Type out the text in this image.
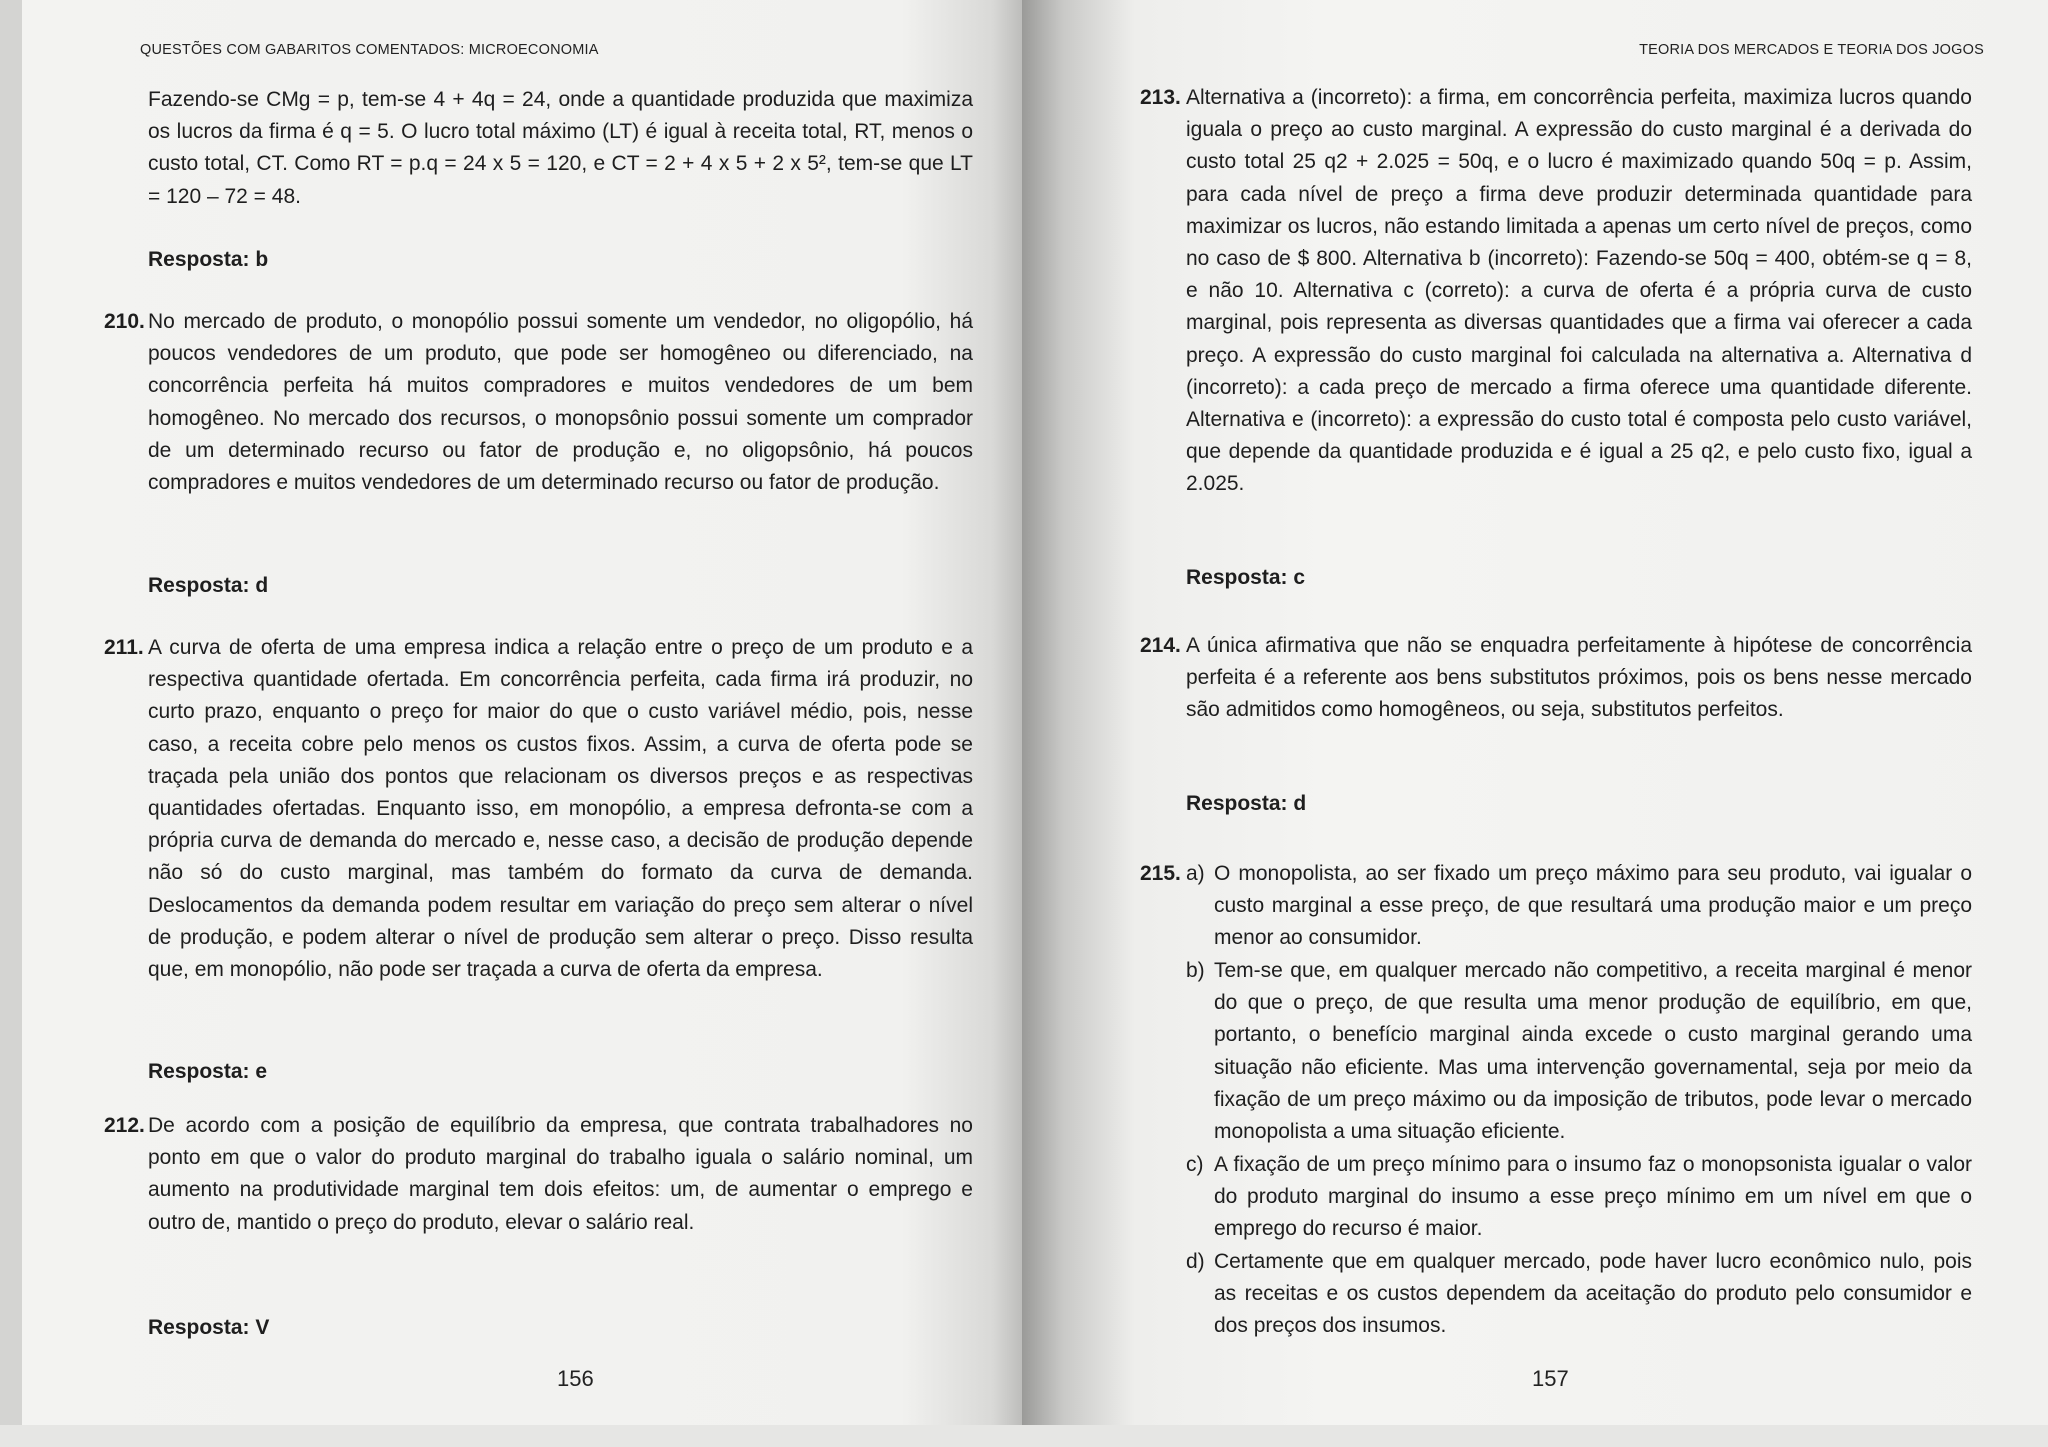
QUESTÕES COM GABARITOS COMENTADOS: MICROECONOMIA
Fazendo-se CMg = p, tem-se 4 + 4q = 24, onde a quantidade produzida que maximiza os lucros da firma é q = 5. O lucro total máximo (LT) é igual à receita total, RT, menos o custo total, CT. Como RT = p.q = 24 x 5 = 120, e CT = 2 + 4 x 5 + 2 x 5², tem-se que LT = 120 – 72 = 48.
Resposta: b
210. No mercado de produto, o monopólio possui somente um vendedor, no oligopólio, há poucos vendedores de um produto, que pode ser homogêneo ou diferenciado, na concorrência perfeita há muitos compradores e muitos vendedores de um bem homogêneo. No mercado dos recursos, o monopsônio possui somente um comprador de um determinado recurso ou fator de produção e, no oligopsônio, há poucos compradores e muitos vendedores de um determinado recurso ou fator de produção.
Resposta: d
211. A curva de oferta de uma empresa indica a relação entre o preço de um produto e a respectiva quantidade ofertada. Em concorrência perfeita, cada firma irá produzir, no curto prazo, enquanto o preço for maior do que o custo variável médio, pois, nesse caso, a receita cobre pelo menos os custos fixos. Assim, a curva de oferta pode se traçada pela união dos pontos que relacionam os diversos preços e as respectivas quantidades ofertadas. Enquanto isso, em monopólio, a empresa defronta-se com a própria curva de demanda do mercado e, nesse caso, a decisão de produção depende não só do custo marginal, mas também do formato da curva de demanda. Deslocamentos da demanda podem resultar em variação do preço sem alterar o nível de produção, e podem alterar o nível de produção sem alterar o preço. Disso resulta que, em monopólio, não pode ser traçada a curva de oferta da empresa.
Resposta: e
212. De acordo com a posição de equilíbrio da empresa, que contrata trabalhadores no ponto em que o valor do produto marginal do trabalho iguala o salário nominal, um aumento na produtividade marginal tem dois efeitos: um, de aumentar o emprego e outro de, mantido o preço do produto, elevar o salário real.
Resposta: V
156
TEORIA DOS MERCADOS E TEORIA DOS JOGOS
213. Alternativa a (incorreto): a firma, em concorrência perfeita, maximiza lucros quando iguala o preço ao custo marginal. A expressão do custo marginal é a derivada do custo total 25 q2 + 2.025 = 50q, e o lucro é maximizado quando 50q = p. Assim, para cada nível de preço a firma deve produzir determinada quantidade para maximizar os lucros, não estando limitada a apenas um certo nível de preços, como no caso de $ 800. Alternativa b (incorreto): Fazendo-se 50q = 400, obtém-se q = 8, e não 10. Alternativa c (correto): a curva de oferta é a própria curva de custo marginal, pois representa as diversas quantidades que a firma vai oferecer a cada preço. A expressão do custo marginal foi calculada na alternativa a. Alternativa d (incorreto): a cada preço de mercado a firma oferece uma quantidade diferente. Alternativa e (incorreto): a expressão do custo total é composta pelo custo variável, que depende da quantidade produzida e é igual a 25 q2, e pelo custo fixo, igual a 2.025.
Resposta: c
214. A única afirmativa que não se enquadra perfeitamente à hipótese de concorrência perfeita é a referente aos bens substitutos próximos, pois os bens nesse mercado são admitidos como homogêneos, ou seja, substitutos perfeitos.
Resposta: d
215. a) O monopolista, ao ser fixado um preço máximo para seu produto, vai igualar o custo marginal a esse preço, de que resultará uma produção maior e um preço menor ao consumidor.
b) Tem-se que, em qualquer mercado não competitivo, a receita marginal é menor do que o preço, de que resulta uma menor produção de equilíbrio, em que, portanto, o benefício marginal ainda excede o custo marginal gerando uma situação não eficiente. Mas uma intervenção governamental, seja por meio da fixação de um preço máximo ou da imposição de tributos, pode levar o mercado monopolista a uma situação eficiente.
c) A fixação de um preço mínimo para o insumo faz o monopsonista igualar o valor do produto marginal do insumo a esse preço mínimo em um nível em que o emprego do recurso é maior.
d) Certamente que em qualquer mercado, pode haver lucro econômico nulo, pois as receitas e os custos dependem da aceitação do produto pelo consumidor e dos preços dos insumos.
157
